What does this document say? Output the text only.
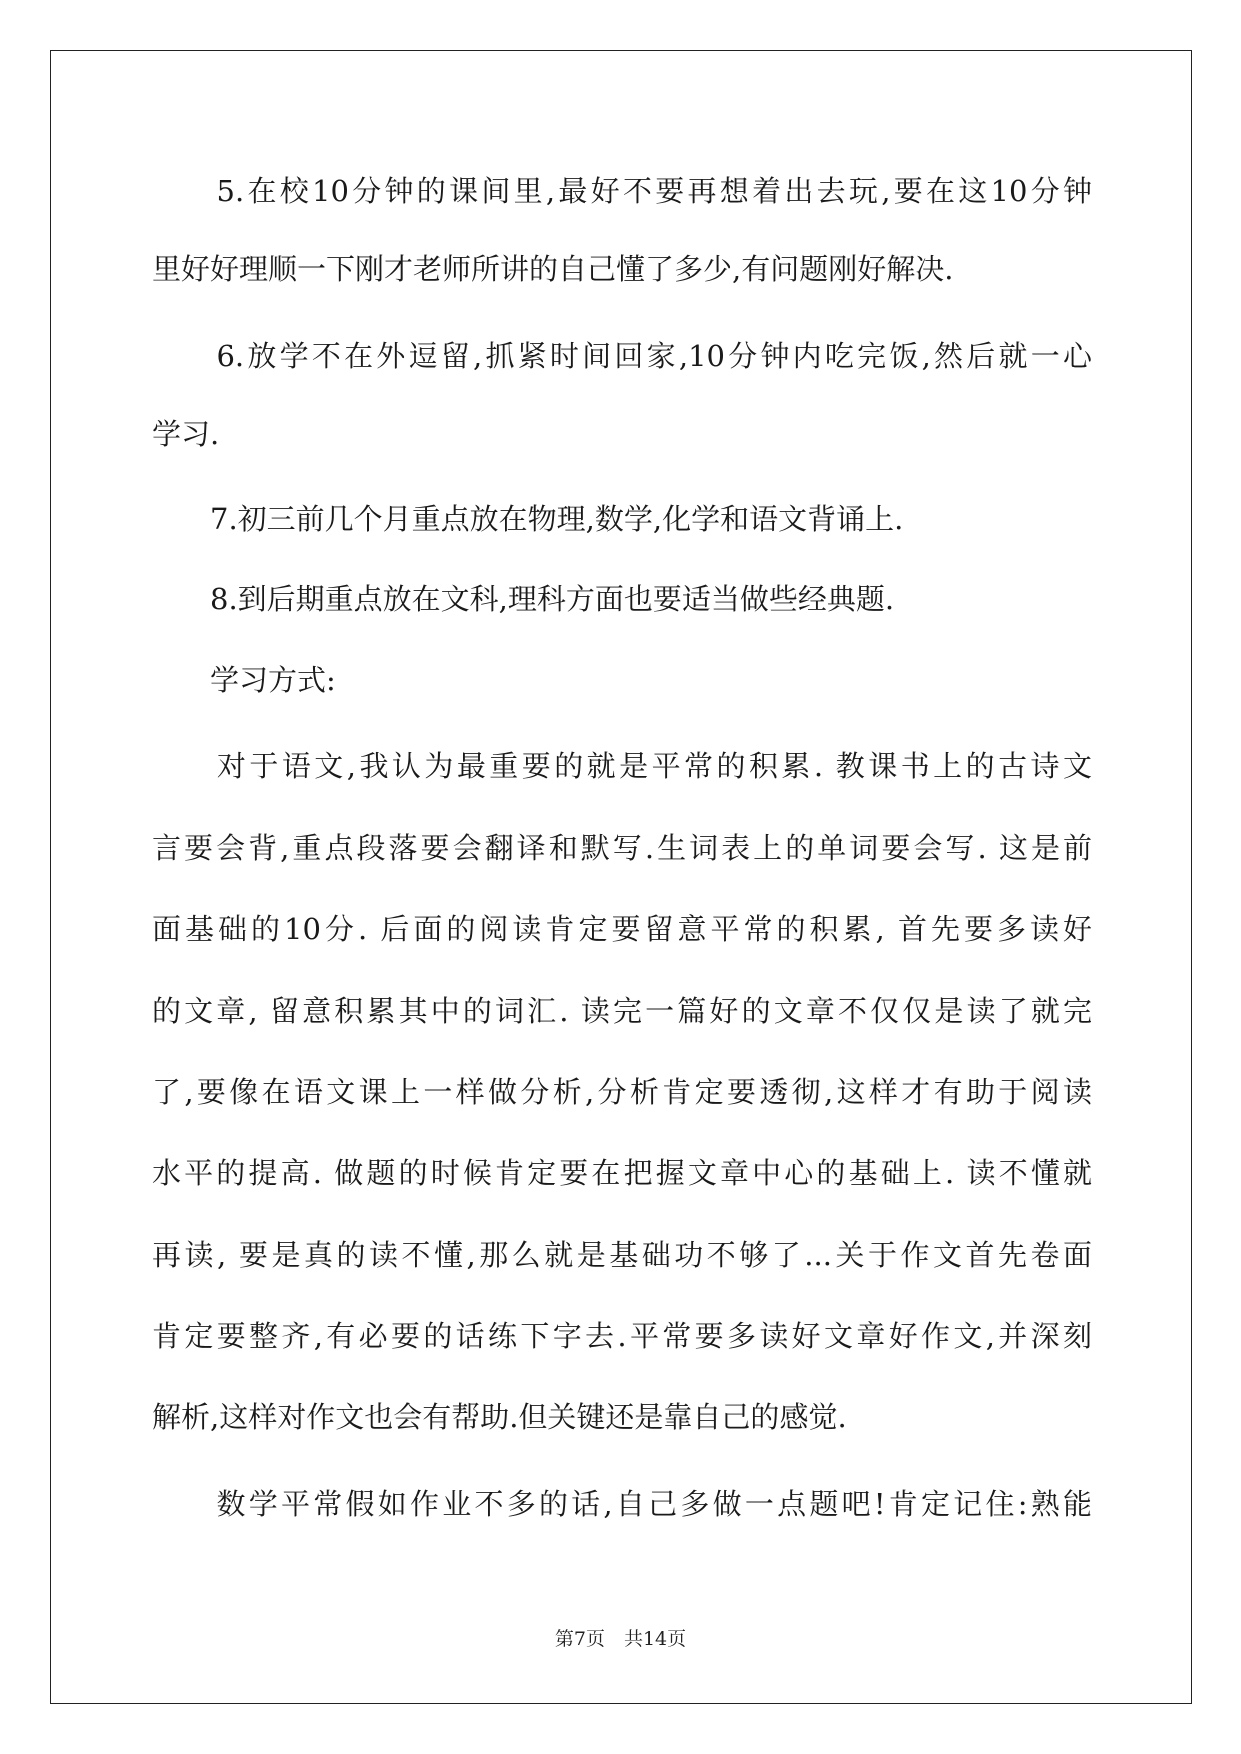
　　5.在校10分钟的课间里,最好不要再想着出去玩,要在这10分钟
里好好理顺一下刚才老师所讲的自己懂了多少,有问题刚好解决.
　　6.放学不在外逗留,抓紧时间回家,10分钟内吃完饭,然后就一心
学习.
　　7.初三前几个月重点放在物理,数学,化学和语文背诵上.
　　8.到后期重点放在文科,理科方面也要适当做些经典题.
　　学习方式:
　　对于语文,我认为最重要的就是平常的积累. 教课书上的古诗文
言要会背,重点段落要会翻译和默写.生词表上的单词要会写. 这是前
面基础的10分. 后面的阅读肯定要留意平常的积累, 首先要多读好
的文章, 留意积累其中的词汇. 读完一篇好的文章不仅仅是读了就完
了,要像在语文课上一样做分析,分析肯定要透彻,这样才有助于阅读
水平的提高. 做题的时候肯定要在把握文章中心的基础上. 读不懂就
再读, 要是真的读不懂,那么就是基础功不够了...关于作文首先卷面
肯定要整齐,有必要的话练下字去.平常要多读好文章好作文,并深刻
解析,这样对作文也会有帮助.但关键还是靠自己的感觉.
　　数学平常假如作业不多的话,自己多做一点题吧!肯定记住:熟能
第7页　共14页
